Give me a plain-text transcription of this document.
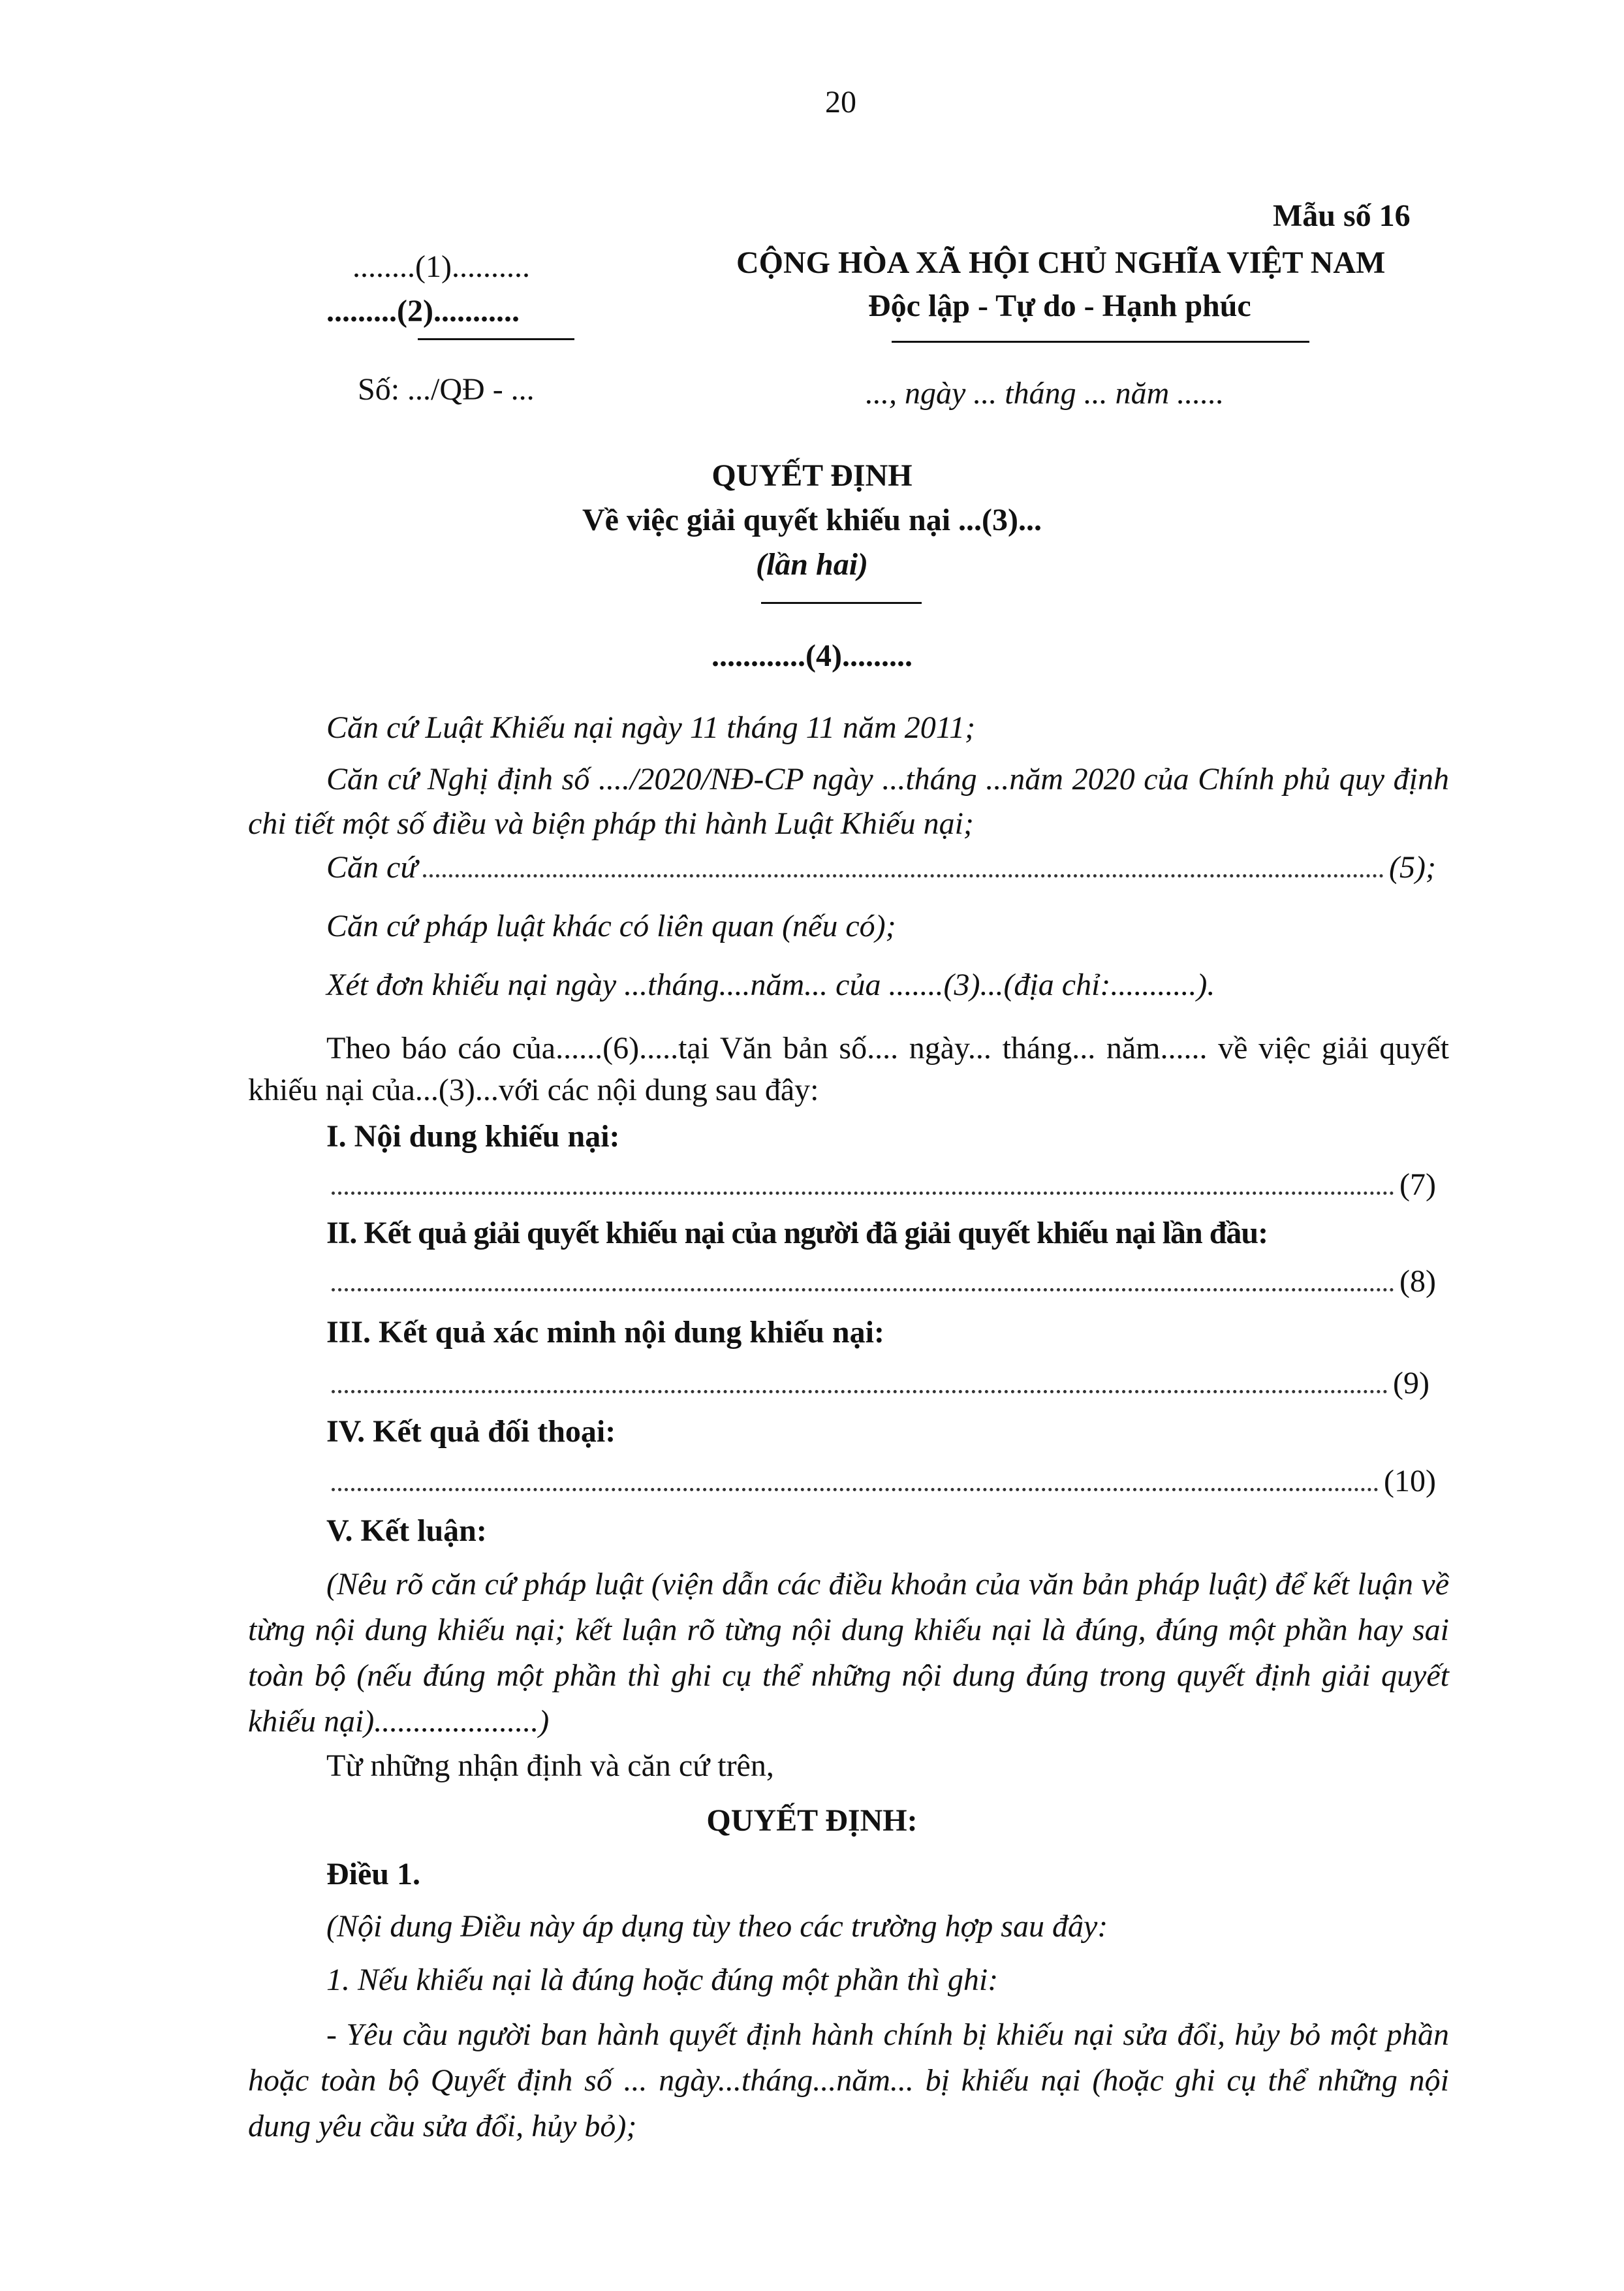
20
Mẫu số 16
........(1)..........
.........(2)...........
Số: .../QĐ - ...
CỘNG HÒA XÃ HỘI CHỦ NGHĨA VIỆT NAM
Độc lập - Tự do - Hạnh phúc
..., ngày ... tháng ... năm ......
QUYẾT ĐỊNH
Về việc giải quyết khiếu nại ...(3)...
(lần hai)
............(4).........
Căn cứ Luật Khiếu nại ngày 11 tháng 11 năm 2011;
Căn cứ Nghị định số ..../2020/NĐ-CP ngày ...tháng ...năm 2020 của Chính phủ quy định chi tiết một số điều và biện pháp thi hành Luật Khiếu nại;
Căn cứ	(5);
Căn cứ pháp luật khác có liên quan (nếu có);
Xét đơn khiếu nại ngày ...tháng....năm... của .......(3)...(địa chỉ:...........).
Theo báo cáo của......(6).....tại Văn bản số.... ngày... tháng... năm...... về việc giải quyết khiếu nại của...(3)...với các nội dung sau đây:
I. Nội dung khiếu nại:
(7)
II. Kết quả giải quyết khiếu nại của người đã giải quyết khiếu nại lần đầu:
(8)
III. Kết quả xác minh nội dung khiếu nại:
(9)
IV. Kết quả đối thoại:
(10)
V. Kết luận:
(Nêu rõ căn cứ pháp luật (viện dẫn các điều khoản của văn bản pháp luật) để kết luận về từng nội dung khiếu nại; kết luận rõ từng nội dung khiếu nại là đúng, đúng một phần hay sai toàn bộ (nếu đúng một phần thì ghi cụ thể những nội dung đúng trong quyết định giải quyết khiếu nại).....................)
Từ những nhận định và căn cứ trên,
QUYẾT ĐỊNH:
Điều 1.
(Nội dung Điều này áp dụng tùy theo các trường hợp sau đây:
1. Nếu khiếu nại là đúng hoặc đúng một phần thì ghi:
- Yêu cầu người ban hành quyết định hành chính bị khiếu nại sửa đổi, hủy bỏ một phần hoặc toàn bộ Quyết định số ... ngày...tháng...năm... bị khiếu nại (hoặc ghi cụ thể những nội dung yêu cầu sửa đổi, hủy bỏ);
